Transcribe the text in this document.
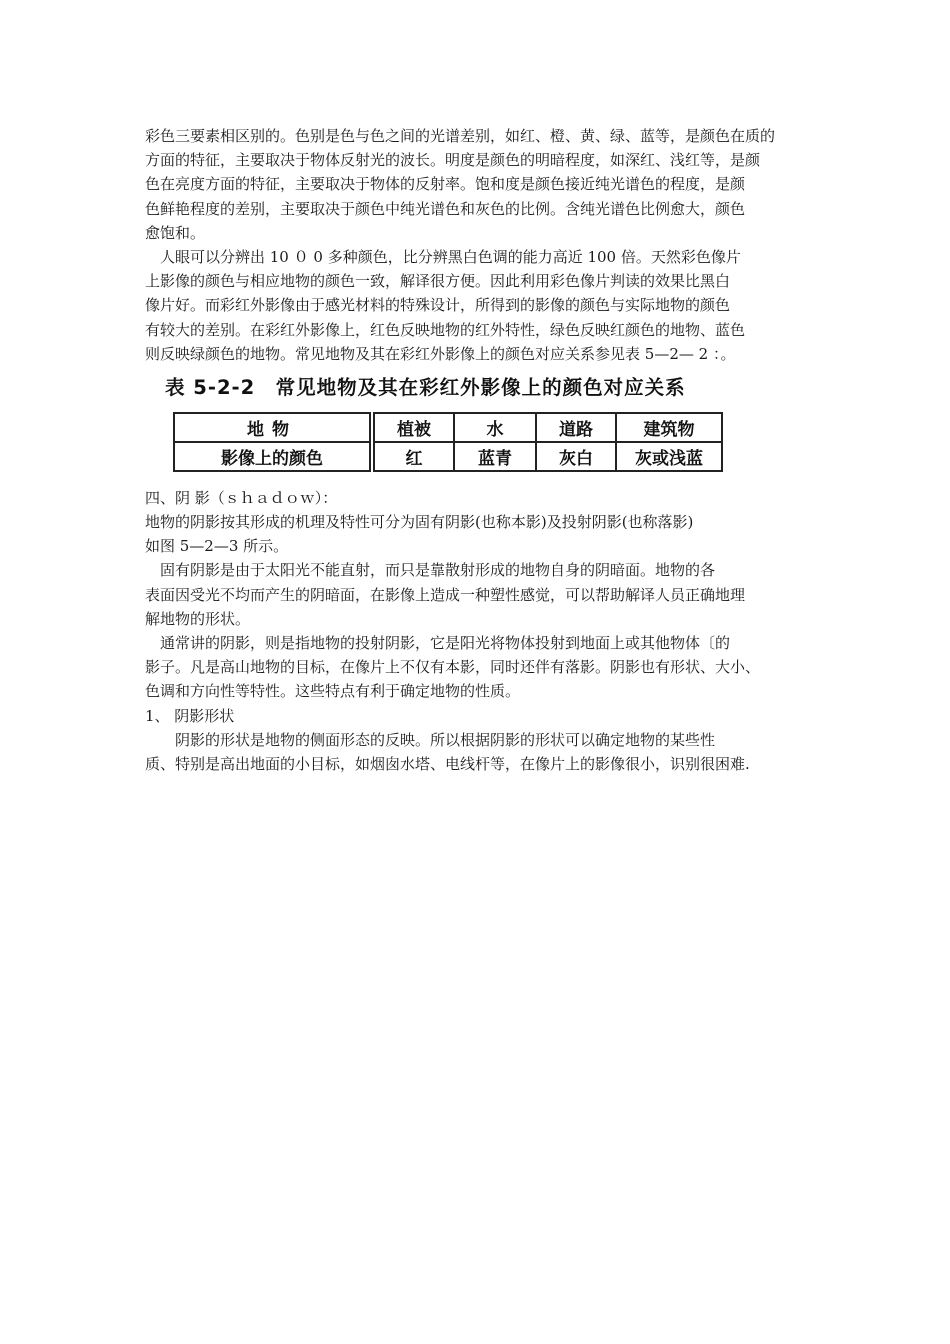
彩色三要素相区别的。色别是色与色之间的光谱差别，如红、橙、黄、绿、蓝等，是颜色在质的
方面的特征，主要取决于物体反射光的波长。明度是颜色的明暗程度，如深红、浅红等，是颜
色在亮度方面的特征，主要取决于物体的反射率。饱和度是颜色接近纯光谱色的程度，是颜
色鲜艳程度的差别，主要取决于颜色中纯光谱色和灰色的比例。含纯光谱色比例愈大，颜色
愈饱和。
　人眼可以分辨出 10 ０ 0 多种颜色，比分辨黑白色调的能力高近 100 倍。天然彩色像片
上影像的颜色与相应地物的颜色一致，解译很方便。因此利用彩色像片判读的效果比黑白
像片好。而彩红外影像由于感光材料的特殊设计，所得到的影像的颜色与实际地物的颜色
有较大的差别。在彩红外影像上，红色反映地物的红外特性，绿色反映红颜色的地物、蓝色
则反映绿颜色的地物。常见地物及其在彩红外影像上的颜色对应关系参见表 5—2— 2 ：。
表 5-2-2　常见地物及其在彩红外影像上的颜色对应关系
地物	植被	水	道路	建筑物
影像上的颜色	红	蓝青	灰白	灰或浅蓝
四、阴 影（ｓｈａｄｏｗ）：
地物的阴影按其形成的机理及特性可分为固有阴影(也称本影)及投射阴影(也称落影)
如图 5—2—3 所示。
　固有阴影是由于太阳光不能直射，而只是靠散射形成的地物自身的阴暗面。地物的各
表面因受光不均而产生的阴暗面，在影像上造成一种塑性感觉，可以帮助解译人员正确地理
解地物的形状。
　通常讲的阴影，则是指地物的投射阴影，它是阳光将物体投射到地面上或其他物体〔的
影子。凡是高山地物的目标，在像片上不仅有本影，同时还伴有落影。阴影也有形状、大小、
色调和方向性等特性。这些特点有利于确定地物的性质。
1、 阴影形状
　　阴影的形状是地物的侧面形态的反映。所以根据阴影的形状可以确定地物的某些性
质、特别是高出地面的小目标，如烟囱水塔、电线杆等，在像片上的影像很小，识别很困难.
